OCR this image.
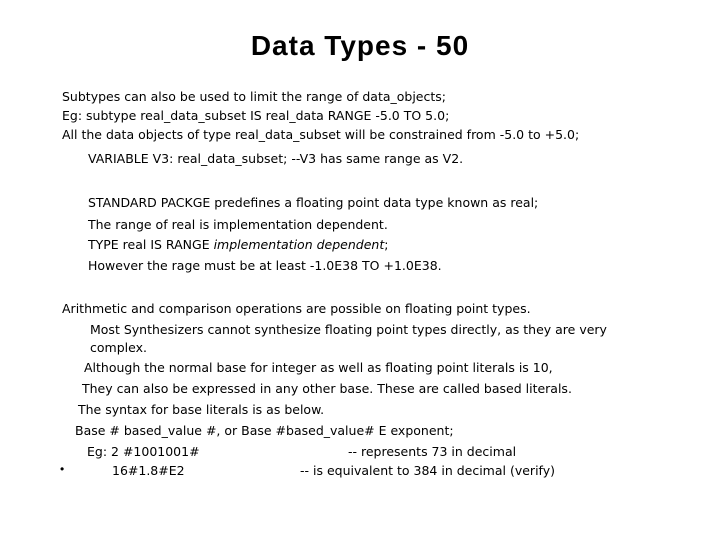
Data Types - 50
Subtypes can also be used to limit the range of data_objects;
Eg: subtype real_data_subset IS real_data RANGE -5.0 TO 5.0;
All the data objects of type real_data_subset will be constrained from -5.0 to +5.0;
VARIABLE V3: real_data_subset; --V3 has same range as V2.
STANDARD PACKGE predefines a floating point data type known as real;
The range of real is implementation dependent.
TYPE real IS RANGE implementation dependent;
However the rage must be at least -1.0E38 TO +1.0E38.
Arithmetic and comparison operations are possible on floating point types.
Most Synthesizers cannot synthesize floating point types directly, as they are very
complex.
Although the normal base for integer as well as floating point literals is 10,
They can also be expressed in any other base. These are called based literals.
The syntax for base literals is as below.
Base # based_value #, or Base #based_value# E exponent;
Eg: 2 #1001001#	-- represents 73 in decimal
16#1.8#E2	-- is equivalent to 384 in decimal (verify)
•
